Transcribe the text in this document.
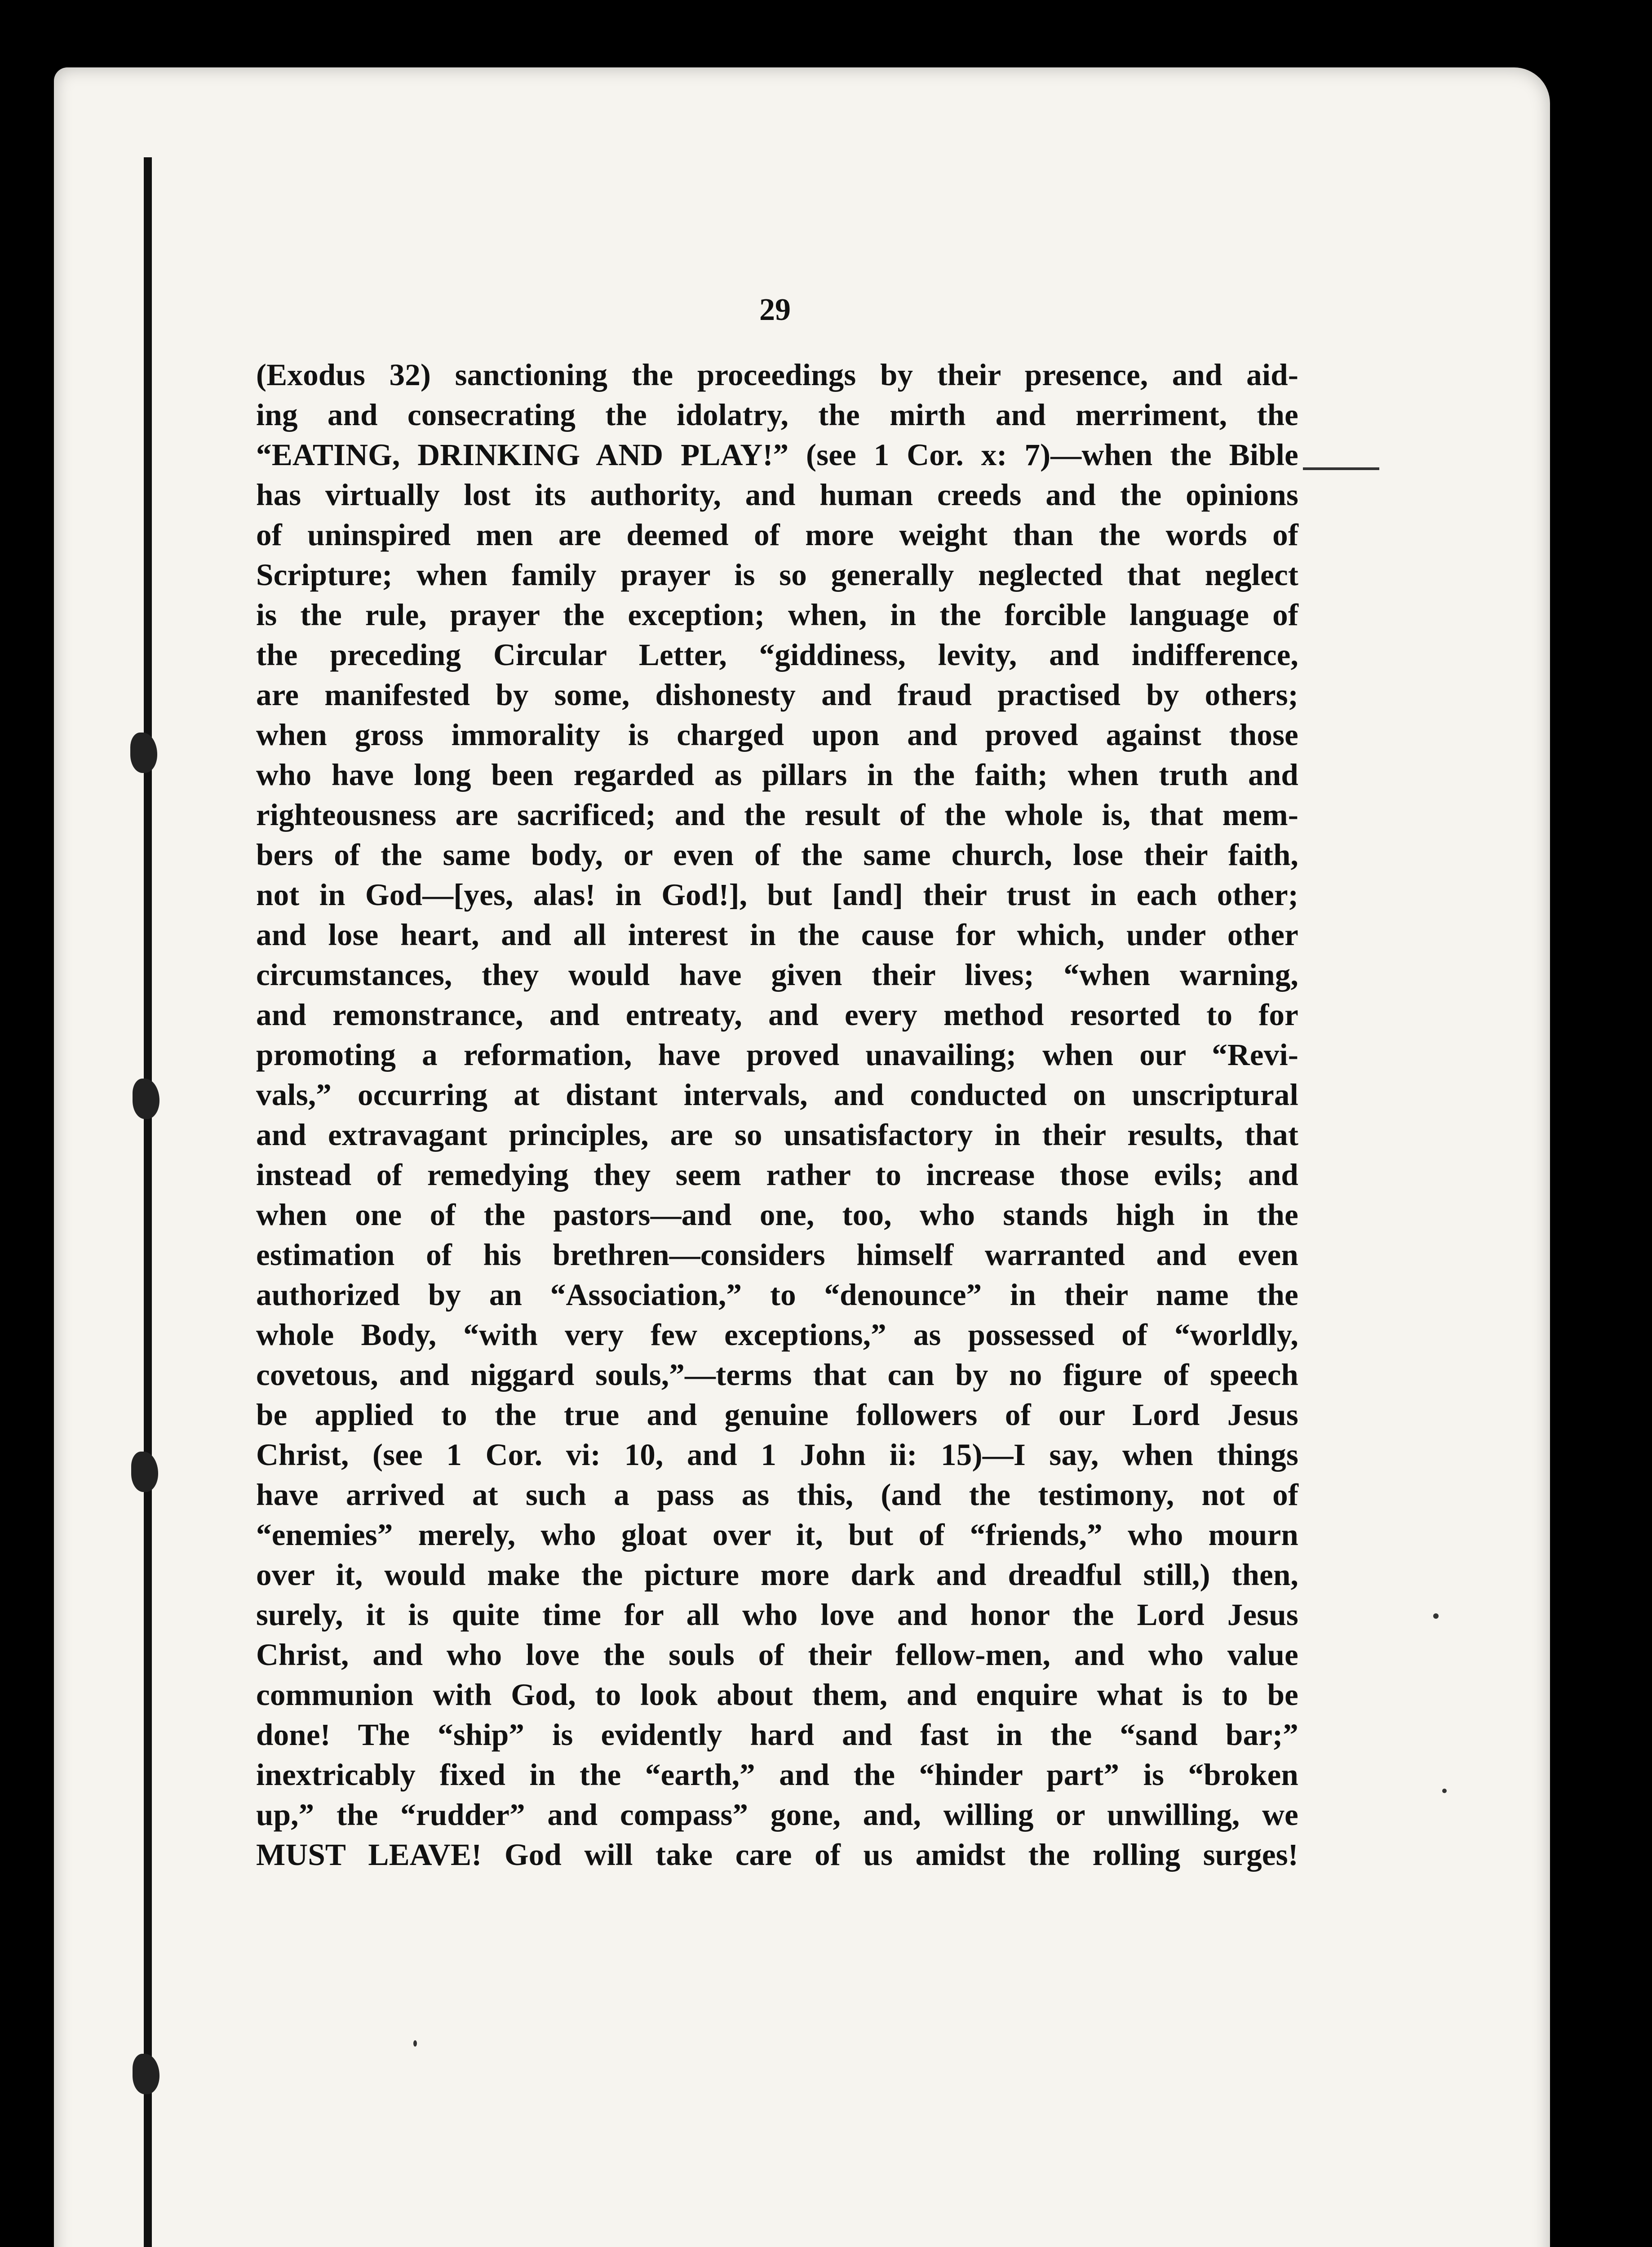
29
(Exodus 32) sanctioning the proceedings by their presence, and aid-
ing and consecrating the idolatry, the mirth and merriment, the
“EATING, DRINKING AND PLAY!” (see 1 Cor. x: 7)—when the Bible
has virtually lost its authority, and human creeds and the opinions
of uninspired men are deemed of more weight than the words of
Scripture; when family prayer is so generally neglected that neglect
is the rule, prayer the exception; when, in the forcible language of
the preceding Circular Letter, “giddiness, levity, and indifference,
are manifested by some, dishonesty and fraud practised by others;
when gross immorality is charged upon and proved against those
who have long been regarded as pillars in the faith; when truth and
righteousness are sacrificed; and the result of the whole is, that mem-
bers of the same body, or even of the same church, lose their faith,
not in God—[yes, alas! in God!], but [and] their trust in each other;
and lose heart, and all interest in the cause for which, under other
circumstances, they would have given their lives; “when warning,
and remonstrance, and entreaty, and every method resorted to for
promoting a reformation, have proved unavailing; when our “Revi-
vals,” occurring at distant intervals, and conducted on unscriptural
and extravagant principles, are so unsatisfactory in their results, that
instead of remedying they seem rather to increase those evils; and
when one of the pastors—and one, too, who stands high in the
estimation of his brethren—considers himself warranted and even
authorized by an “Association,” to “denounce” in their name the
whole Body, “with very few exceptions,” as possessed of “worldly,
covetous, and niggard souls,”—terms that can by no figure of speech
be applied to the true and genuine followers of our Lord Jesus
Christ, (see 1 Cor. vi: 10, and 1 John ii: 15)—I say, when things
have arrived at such a pass as this, (and the testimony, not of
“enemies” merely, who gloat over it, but of “friends,” who mourn
over it, would make the picture more dark and dreadful still,) then,
surely, it is quite time for all who love and honor the Lord Jesus
Christ, and who love the souls of their fellow-men, and who value
communion with God, to look about them, and enquire what is to be
done! The “ship” is evidently hard and fast in the “sand bar;”
inextricably fixed in the “earth,” and the “hinder part” is “broken
up,” the “rudder” and compass” gone, and, willing or unwilling, we
MUST LEAVE! God will take care of us amidst the rolling surges!
